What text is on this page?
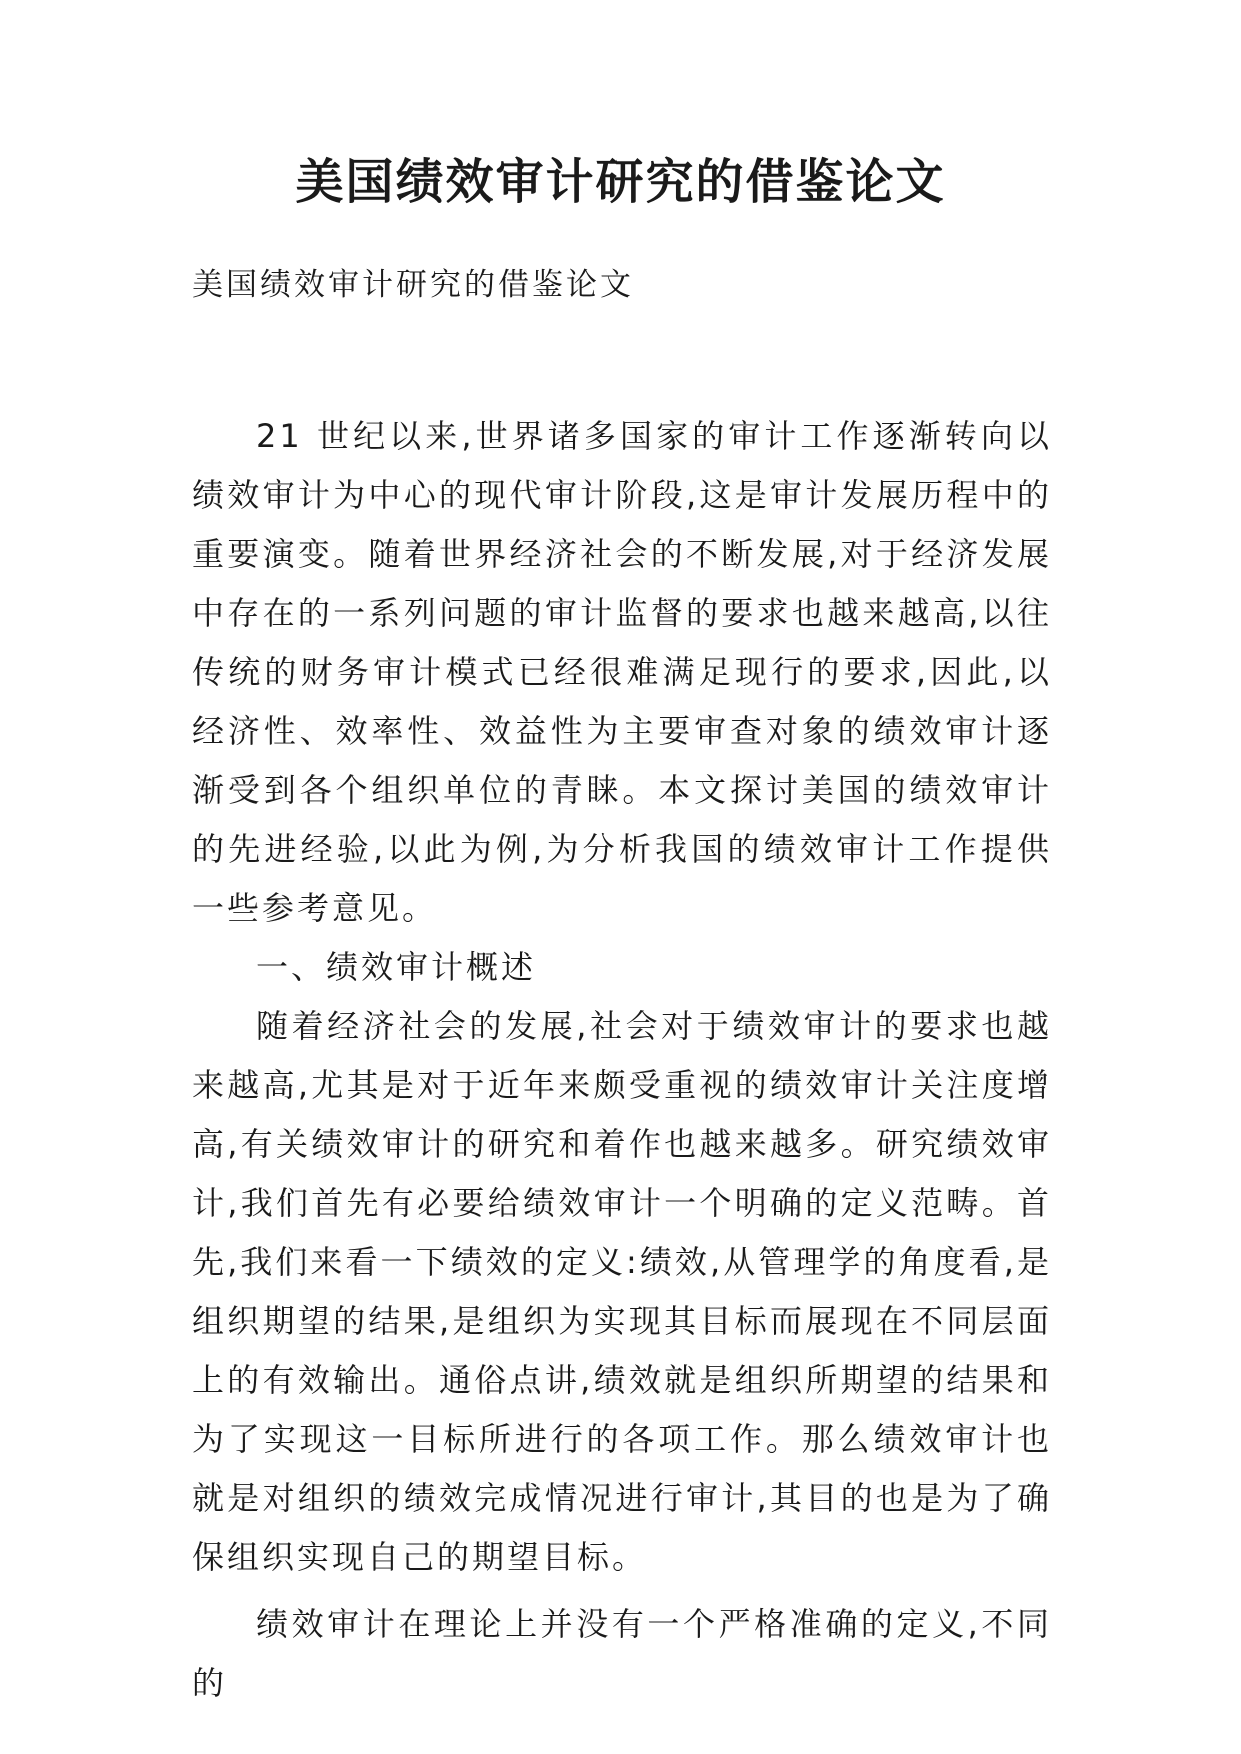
美国绩效审计研究的借鉴论文
美国绩效审计研究的借鉴论文

21 世纪以来,世界诸多国家的审计工作逐渐转向以绩效审计为中心的现代审计阶段,这是审计发展历程中的重要演变。随着世界经济社会的不断发展,对于经济发展中存在的一系列问题的审计监督的要求也越来越高,以往传统的财务审计模式已经很难满足现行的要求,因此,以经济性、效率性、效益性为主要审查对象的绩效审计逐渐受到各个组织单位的青睐。本文探讨美国的绩效审计的先进经验,以此为例,为分析我国的绩效审计工作提供一些参考意见。

一、绩效审计概述

随着经济社会的发展,社会对于绩效审计的要求也越来越高,尤其是对于近年来颇受重视的绩效审计关注度增高,有关绩效审计的研究和着作也越来越多。研究绩效审计,我们首先有必要给绩效审计一个明确的定义范畴。首先,我们来看一下绩效的定义:绩效,从管理学的角度看,是组织期望的结果,是组织为实现其目标而展现在不同层面上的有效输出。通俗点讲,绩效就是组织所期望的结果和为了实现这一目标所进行的各项工作。那么绩效审计也就是对组织的绩效完成情况进行审计,其目的也是为了确保组织实现自己的期望目标。

绩效审计在理论上并没有一个严格准确的定义,不同的
